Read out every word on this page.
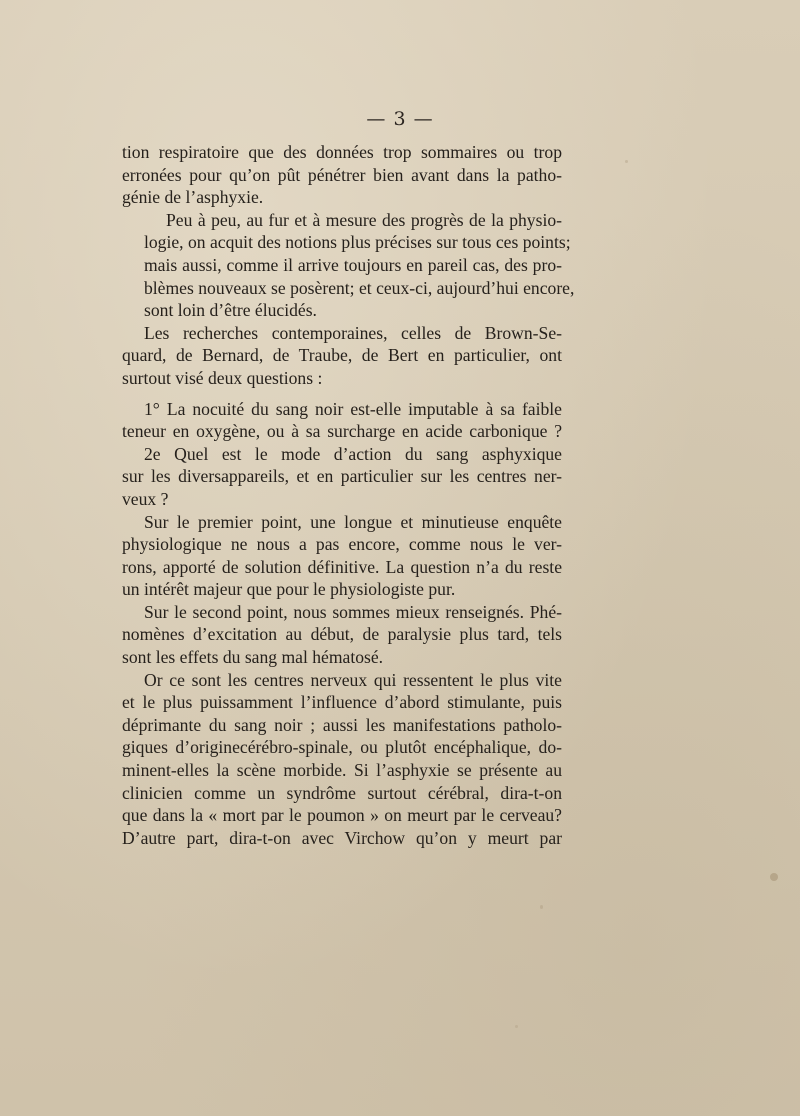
— 3 —

tion respiratoire que des données trop sommaires ou trop
erronées pour qu’on pût pénétrer bien avant dans la patho-
génie de l’asphyxie.

Peu à peu, au fur et à mesure des progrès de la physio-
logie, on acquit des notions plus précises sur tous ces points;
mais aussi, comme il arrive toujours en pareil cas, des pro-
blèmes nouveaux se posèrent; et ceux-ci, aujourd’hui encore,
sont loin d’être élucidés.

Les recherches contemporaines, celles de Brown-Se-
quard, de Bernard, de Traube, de Bert en particulier, ont
surtout visé deux questions :

1° La nocuité du sang noir est-elle imputable à sa faible
teneur en oxygène, ou à sa surcharge en acide carbonique ?

2e Quel est le mode d’action du sang asphyxique
sur les diversappareils, et en particulier sur les centres ner-
veux ?

Sur le premier point, une longue et minutieuse enquête
physiologique ne nous a pas encore, comme nous le ver-
rons, apporté de solution définitive. La question n’a du reste
un intérêt majeur que pour le physiologiste pur.

Sur le second point, nous sommes mieux renseignés. Phé-
nomènes d’excitation au début, de paralysie plus tard, tels
sont les effets du sang mal hématosé.

Or ce sont les centres nerveux qui ressentent le plus vite
et le plus puissamment l’influence d’abord stimulante, puis
déprimante du sang noir ; aussi les manifestations patholo-
giques d’originecérébro-spinale, ou plutôt encéphalique, do-
minent-elles la scène morbide. Si l’asphyxie se présente au
clinicien comme un syndrôme surtout cérébral, dira-t-on
que dans la « mort par le poumon » on meurt par le cerveau?
D’autre part, dira-t-on avec Virchow qu’on y meurt par
